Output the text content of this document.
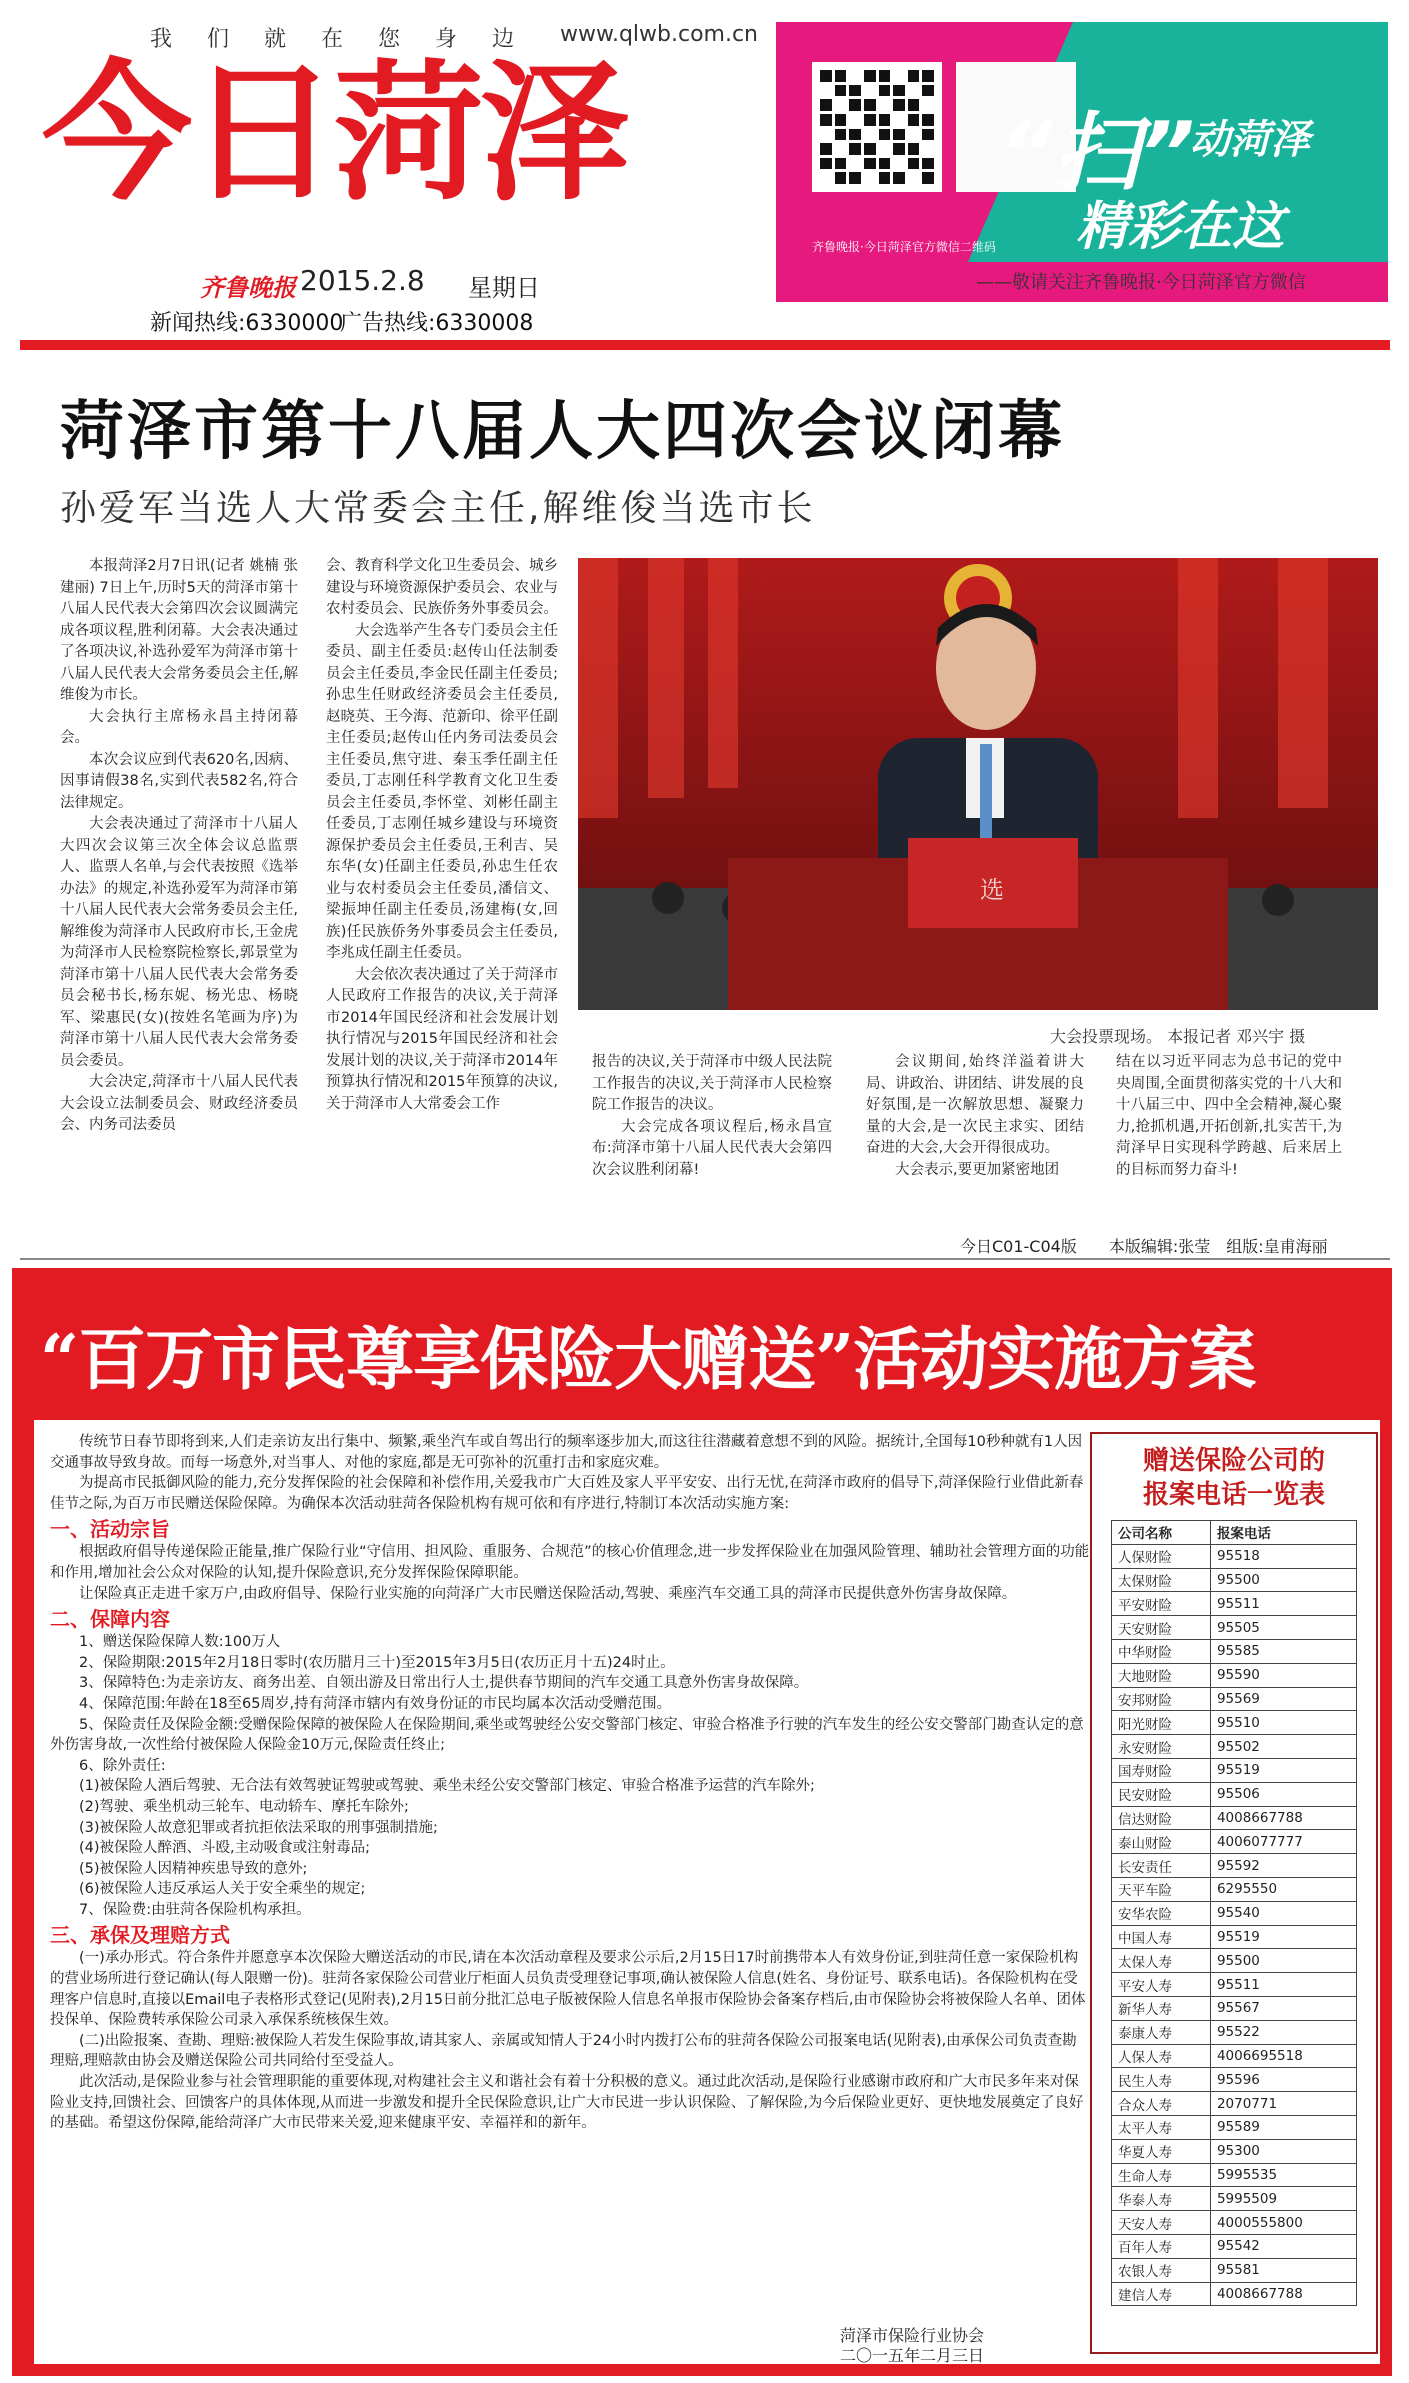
我 们 就 在 您 身 边 www.qlwb.com.cn
今日菏泽
齐鲁晚报 2015.2.8 星期日
新闻热线:6330000
广告热线:6330008
齐鲁晚报·今日菏泽官方微信二维码
“扫”
动菏泽
精彩在这
——敬请关注齐鲁晚报·今日菏泽官方微信
菏泽市第十八届人大四次会议闭幕
孙爱军当选人大常委会主任,解维俊当选市长

本报菏泽2月7日讯(记者 姚楠 张建丽) 7日上午,历时5天的菏泽市第十八届人民代表大会第四次会议圆满完成各项议程,胜利闭幕。大会表决通过了各项决议,补选孙爱军为菏泽市第十八届人民代表大会常务委员会主任,解维俊为市长。

大会执行主席杨永昌主持闭幕会。

本次会议应到代表620名,因病、因事请假38名,实到代表582名,符合法律规定。

大会表决通过了菏泽市十八届人大四次会议第三次全体会议总监票人、监票人名单,与会代表按照《选举办法》的规定,补选孙爱军为菏泽市第十八届人民代表大会常务委员会主任,解维俊为菏泽市人民政府市长,王金虎为菏泽市人民检察院检察长,郭景堂为菏泽市第十八届人民代表大会常务委员会秘书长,杨东妮、杨光忠、杨晓军、梁惠民(女)(按姓名笔画为序)为菏泽市第十八届人民代表大会常务委员会委员。

大会决定,菏泽市十八届人民代表大会设立法制委员会、财政经济委员会、内务司法委员

会、教育科学文化卫生委员会、城乡建设与环境资源保护委员会、农业与农村委员会、民族侨务外事委员会。

大会选举产生各专门委员会主任委员、副主任委员:赵传山任法制委员会主任委员,李金民任副主任委员;孙忠生任财政经济委员会主任委员,赵晓英、王今海、范新印、徐平任副主任委员;赵传山任内务司法委员会主任委员,焦守进、秦玉季任副主任委员,丁志刚任科学教育文化卫生委员会主任委员,李怀堂、刘彬任副主任委员,丁志刚任城乡建设与环境资源保护委员会主任委员,王利吉、吴东华(女)任副主任委员,孙忠生任农业与农村委员会主任委员,潘信文、梁振坤任副主任委员,汤建梅(女,回族)任民族侨务外事委员会主任委员,李兆成任副主任委员。

大会依次表决通过了关于菏泽市人民政府工作报告的决议,关于菏泽市2014年国民经济和社会发展计划执行情况与2015年国民经济和社会发展计划的决议,关于菏泽市2014年预算执行情况和2015年预算的决议,关于菏泽市人大常委会工作

选
大会投票现场。 本报记者 邓兴宇 摄

报告的决议,关于菏泽市中级人民法院工作报告的决议,关于菏泽市人民检察院工作报告的决议。

大会完成各项议程后,杨永昌宣布:菏泽市第十八届人民代表大会第四次会议胜利闭幕!

会议期间,始终洋溢着讲大局、讲政治、讲团结、讲发展的良好氛围,是一次解放思想、凝聚力量的大会,是一次民主求实、团结奋进的大会,大会开得很成功。

大会表示,要更加紧密地团

结在以习近平同志为总书记的党中央周围,全面贯彻落实党的十八大和十八届三中、四中全会精神,凝心聚力,抢抓机遇,开拓创新,扎实苦干,为菏泽早日实现科学跨越、后来居上的目标而努力奋斗!

今日C01-C04版　　本版编辑:张莹　组版:皇甫海丽
“百万市民尊享保险大赠送”活动实施方案

传统节日春节即将到来,人们走亲访友出行集中、频繁,乘坐汽车或自驾出行的频率逐步加大,而这往往潜藏着意想不到的风险。据统计,全国每10秒种就有1人因交通事故导致身故。而每一场意外,对当事人、对他的家庭,都是无可弥补的沉重打击和家庭灾难。

为提高市民抵御风险的能力,充分发挥保险的社会保障和补偿作用,关爱我市广大百姓及家人平平安安、出行无忧,在菏泽市政府的倡导下,菏泽保险行业借此新春佳节之际,为百万市民赠送保险保障。为确保本次活动驻菏各保险机构有规可依和有序进行,特制订本次活动实施方案:

一、活动宗旨

根据政府倡导传递保险正能量,推广保险行业“守信用、担风险、重服务、合规范”的核心价值理念,进一步发挥保险业在加强风险管理、辅助社会管理方面的功能和作用,增加社会公众对保险的认知,提升保险意识,充分发挥保险保障职能。

让保险真正走进千家万户,由政府倡导、保险行业实施的向菏泽广大市民赠送保险活动,驾驶、乘座汽车交通工具的菏泽市民提供意外伤害身故保障。

二、保障内容

1、赠送保险保障人数:100万人

2、保险期限:2015年2月18日零时(农历腊月三十)至2015年3月5日(农历正月十五)24时止。

3、保障特色:为走亲访友、商务出差、自领出游及日常出行人士,提供春节期间的汽车交通工具意外伤害身故保障。

4、保障范围:年龄在18至65周岁,持有菏泽市辖内有效身份证的市民均属本次活动受赠范围。

5、保险责任及保险金额:受赠保险保障的被保险人在保险期间,乘坐或驾驶经公安交警部门核定、审验合格准予行驶的汽车发生的经公安交警部门勘查认定的意外伤害身故,一次性给付被保险人保险金10万元,保险责任终止;

6、除外责任:

(1)被保险人酒后驾驶、无合法有效驾驶证驾驶或驾驶、乘坐未经公安交警部门核定、审验合格准予运营的汽车除外;

(2)驾驶、乘坐机动三轮车、电动轿车、摩托车除外;

(3)被保险人故意犯罪或者抗拒依法采取的刑事强制措施;

(4)被保险人醉酒、斗殴,主动吸食或注射毒品;

(5)被保险人因精神疾患导致的意外;

(6)被保险人违反承运人关于安全乘坐的规定;

7、保险费:由驻菏各保险机构承担。

三、承保及理赔方式

(一)承办形式。符合条件并愿意享本次保险大赠送活动的市民,请在本次活动章程及要求公示后,2月15日17时前携带本人有效身份证,到驻菏任意一家保险机构的营业场所进行登记确认(每人限赠一份)。驻菏各家保险公司营业厅柜面人员负责受理登记事项,确认被保险人信息(姓名、身份证号、联系电话)。各保险机构在受理客户信息时,直接以Email电子表格形式登记(见附表),2月15日前分批汇总电子版被保险人信息名单报市保险协会备案存档后,由市保险协会将被保险人名单、团体投保单、保险费转承保险公司录入承保系统核保生效。

(二)出险报案、查勘、理赔:被保险人若发生保险事故,请其家人、亲属或知情人于24小时内拨打公布的驻菏各保险公司报案电话(见附表),由承保公司负责查勘理赔,理赔款由协会及赠送保险公司共同给付至受益人。

此次活动,是保险业参与社会管理职能的重要体现,对构建社会主义和谐社会有着十分积极的意义。通过此次活动,是保险行业感谢市政府和广大市民多年来对保险业支持,回馈社会、回馈客户的具体体现,从而进一步激发和提升全民保险意识,让广大市民进一步认识保险、了解保险,为今后保险业更好、更快地发展奠定了良好的基础。希望这份保障,能给菏泽广大市民带来关爱,迎来健康平安、幸福祥和的新年。

菏泽市保险行业协会
二〇一五年二月三日
赠送保险公司的
报案电话一览表
公司名称	报案电话
人保财险	95518
太保财险	95500
平安财险	95511
天安财险	95505
中华财险	95585
大地财险	95590
安邦财险	95569
阳光财险	95510
永安财险	95502
国寿财险	95519
民安财险	95506
信达财险	4008667788
泰山财险	4006077777
长安责任	95592
天平车险	6295550
安华农险	95540
中国人寿	95519
太保人寿	95500
平安人寿	95511
新华人寿	95567
泰康人寿	95522
人保人寿	4006695518
民生人寿	95596
合众人寿	2070771
太平人寿	95589
华夏人寿	95300
生命人寿	5995535
华泰人寿	5995509
天安人寿	4000555800
百年人寿	95542
农银人寿	95581
建信人寿	4008667788
